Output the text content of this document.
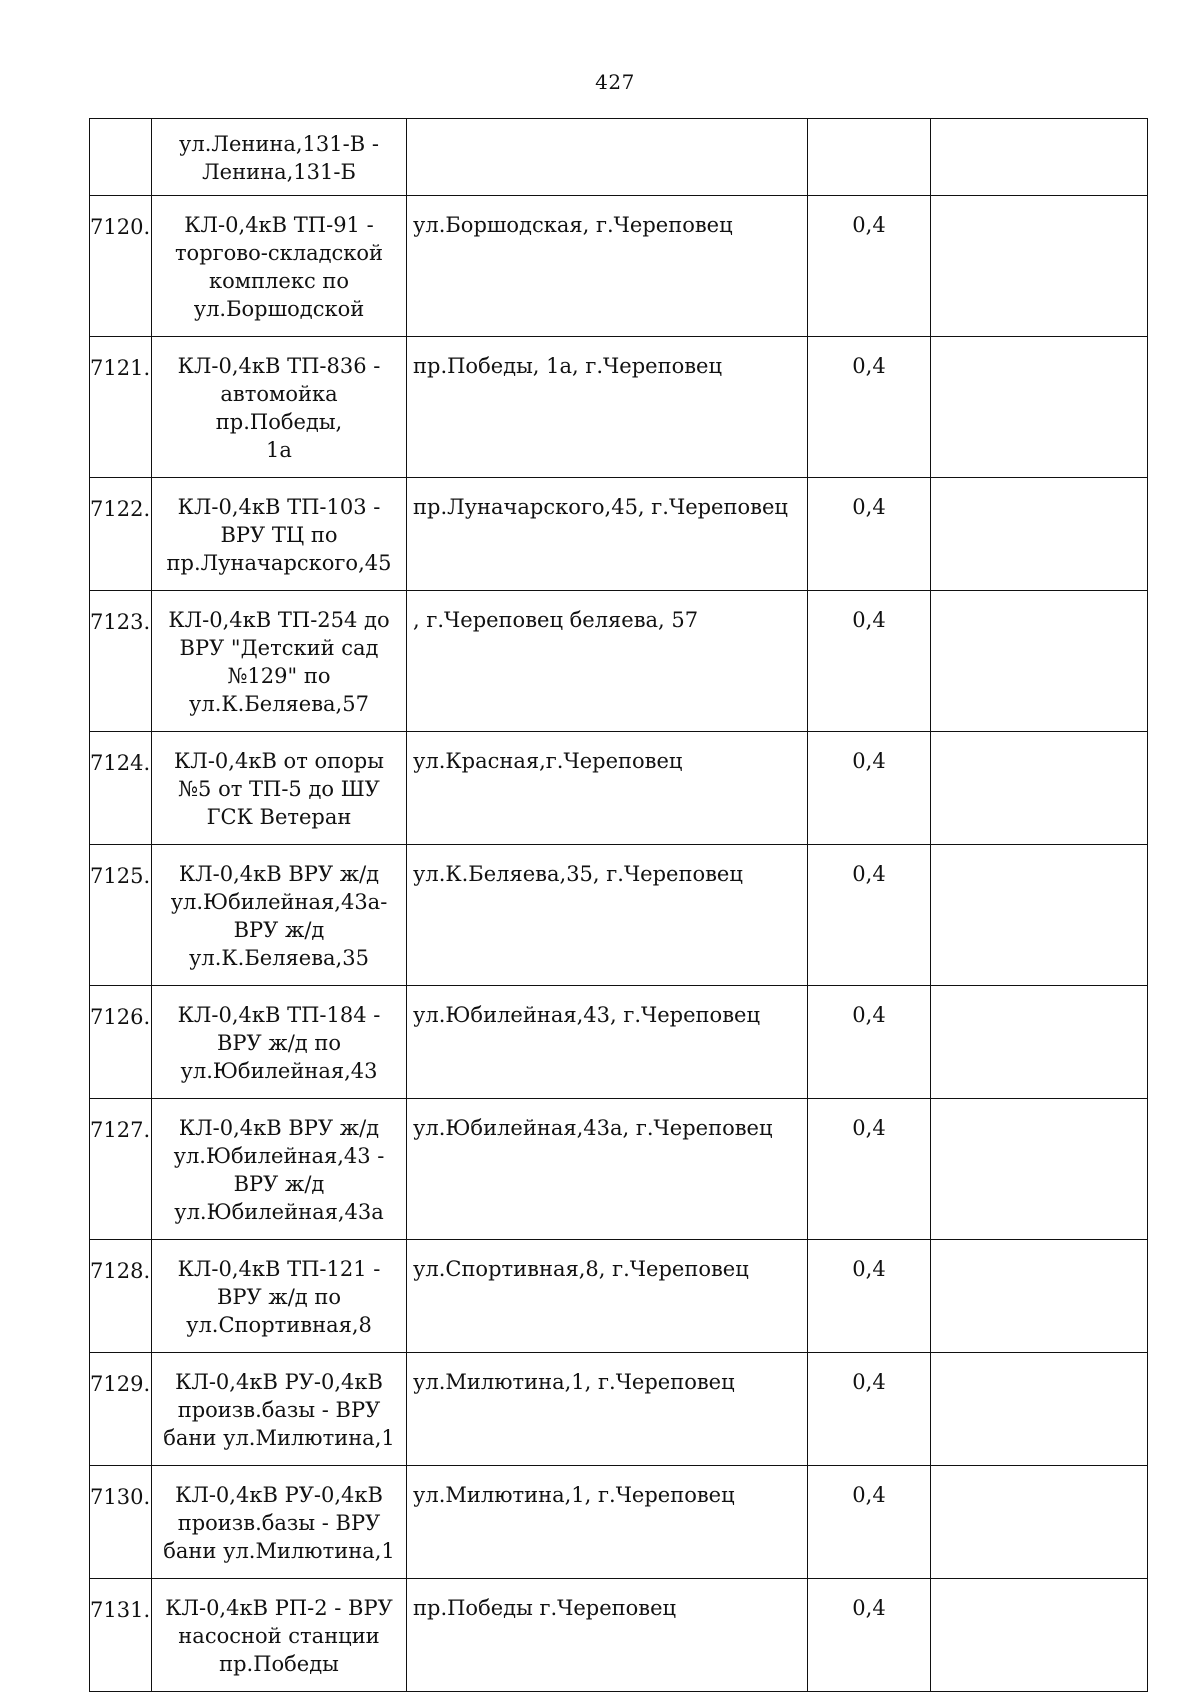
427

	ул.Ленина,131-В -
Ленина,131-Б			

7120.	КЛ-0,4кВ ТП-91 -
торгово-складской
комплекс по
ул.Боршодской	ул.Боршодская, г.Череповец	0,4	
7121.	КЛ-0,4кВ ТП-836 -
автомойка пр.Победы,
1а	пр.Победы, 1а, г.Череповец	0,4	
7122.	КЛ-0,4кВ ТП-103 -
ВРУ ТЦ по
пр.Луначарского,45	пр.Луначарского,45, г.Череповец	0,4	
7123.	КЛ-0,4кВ ТП-254 до
ВРУ "Детский сад
№129" по
ул.К.Беляева,57	, г.Череповец беляева, 57	0,4	
7124.	КЛ-0,4кВ от опоры
№5 от ТП-5 до ШУ
ГСК Ветеран	ул.Красная,г.Череповец	0,4	
7125.	КЛ-0,4кВ ВРУ ж/д
ул.Юбилейная,43а-
ВРУ ж/д
ул.К.Беляева,35	ул.К.Беляева,35, г.Череповец	0,4	
7126.	КЛ-0,4кВ ТП-184 -
ВРУ ж/д по
ул.Юбилейная,43	ул.Юбилейная,43, г.Череповец	0,4	
7127.	КЛ-0,4кВ ВРУ ж/д
ул.Юбилейная,43 -
ВРУ ж/д
ул.Юбилейная,43а	ул.Юбилейная,43а, г.Череповец	0,4	
7128.	КЛ-0,4кВ ТП-121 -
ВРУ ж/д по
ул.Спортивная,8	ул.Спортивная,8, г.Череповец	0,4	
7129.	КЛ-0,4кВ РУ-0,4кВ
произв.базы - ВРУ
бани ул.Милютина,1	ул.Милютина,1, г.Череповец	0,4	
7130.	КЛ-0,4кВ РУ-0,4кВ
произв.базы - ВРУ
бани ул.Милютина,1	ул.Милютина,1, г.Череповец	0,4	
7131.	КЛ-0,4кВ РП-2 - ВРУ
насосной станции
пр.Победы	пр.Победы г.Череповец	0,4	
